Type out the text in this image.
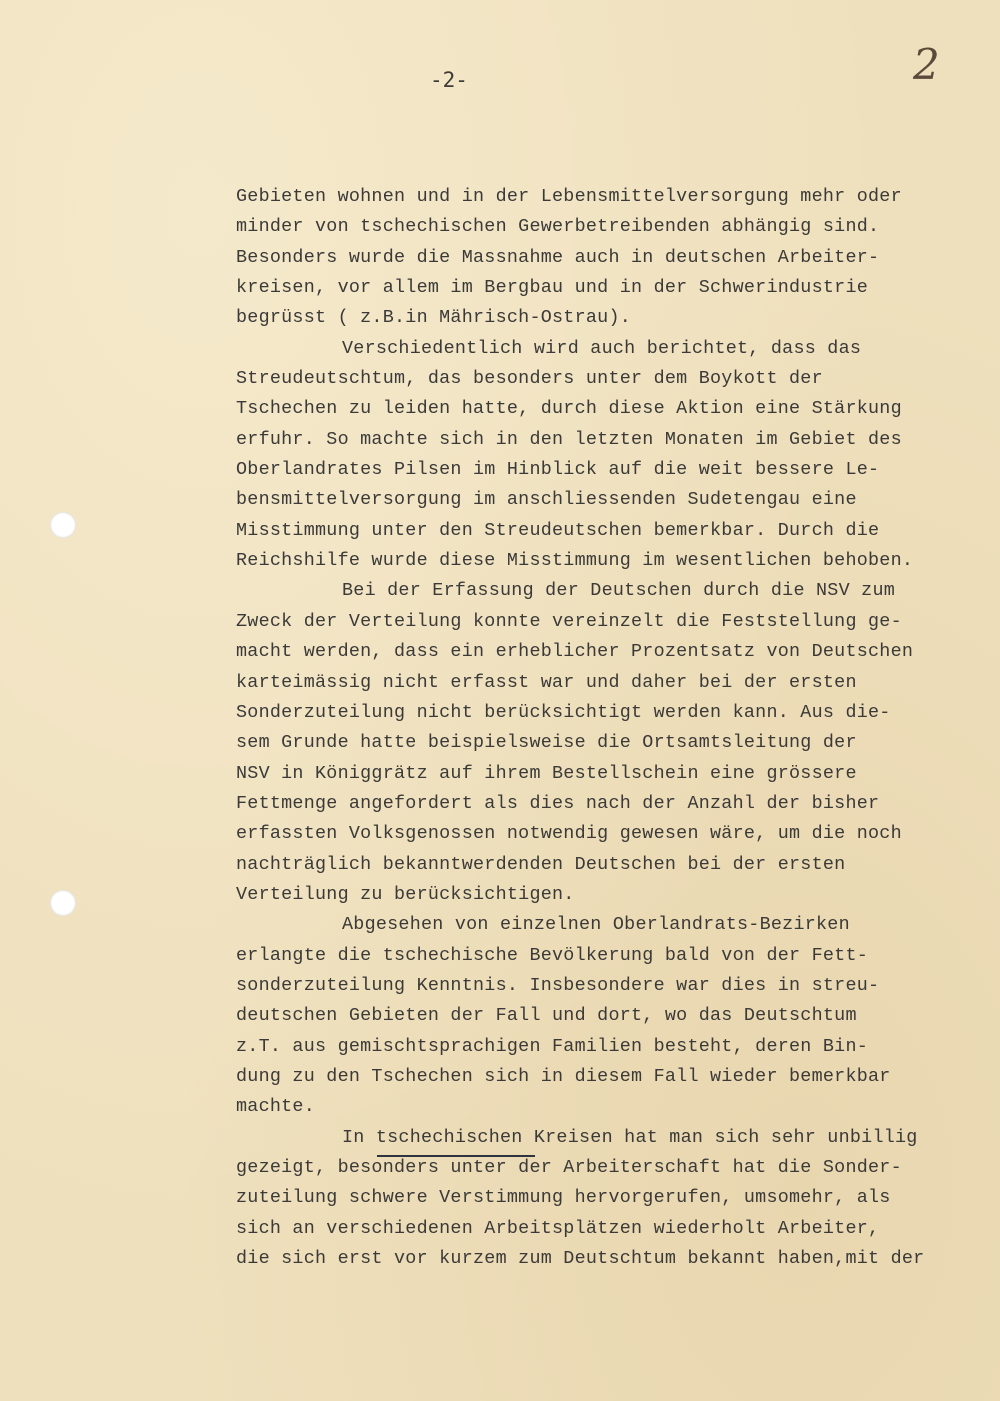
-2-	2
Gebieten wohnen und in der Lebensmittelversorgung mehr oder
minder von tschechischen Gewerbetreibenden abhängig sind.
Besonders wurde die Massnahme auch in deutschen Arbeiter-
kreisen, vor allem im Bergbau und in der Schwerindustrie
begrüsst ( z.B.in Mährisch-Ostrau).
Verschiedentlich wird auch berichtet, dass das
Streudeutschtum, das besonders unter dem Boykott der
Tschechen zu leiden hatte, durch diese Aktion eine Stärkung
erfuhr. So machte sich in den letzten Monaten im Gebiet des
Oberlandrates Pilsen im Hinblick auf die weit bessere Le-
bensmittelversorgung im anschliessenden Sudetengau eine
Misstimmung unter den Streudeutschen bemerkbar. Durch die
Reichshilfe wurde diese Misstimmung im wesentlichen behoben.
Bei der Erfassung der Deutschen durch die NSV zum
Zweck der Verteilung konnte vereinzelt die Feststellung ge-
macht werden, dass ein erheblicher Prozentsatz von Deutschen
karteimässig nicht erfasst war und daher bei der ersten
Sonderzuteilung nicht berücksichtigt werden kann. Aus die-
sem Grunde hatte beispielsweise die Ortsamtsleitung der
NSV in Königgrätz auf ihrem Bestellschein eine grössere
Fettmenge angefordert als dies nach der Anzahl der bisher
erfassten Volksgenossen notwendig gewesen wäre, um die noch
nachträglich bekanntwerdenden Deutschen bei der ersten
Verteilung zu berücksichtigen.
Abgesehen von einzelnen Oberlandrats-Bezirken
erlangte die tschechische Bevölkerung bald von der Fett-
sonderzuteilung Kenntnis. Insbesondere war dies in streu-
deutschen Gebieten der Fall und dort, wo das Deutschtum
z.T. aus gemischtsprachigen Familien besteht, deren Bin-
dung zu den Tschechen sich in diesem Fall wieder bemerkbar
machte.
In tschechischen Kreisen hat man sich sehr unbillig
gezeigt, besonders unter der Arbeiterschaft hat die Sonder-
zuteilung schwere Verstimmung hervorgerufen, umsomehr, als
sich an verschiedenen Arbeitsplätzen wiederholt Arbeiter,
die sich erst vor kurzem zum Deutschtum bekannt haben,mit der
